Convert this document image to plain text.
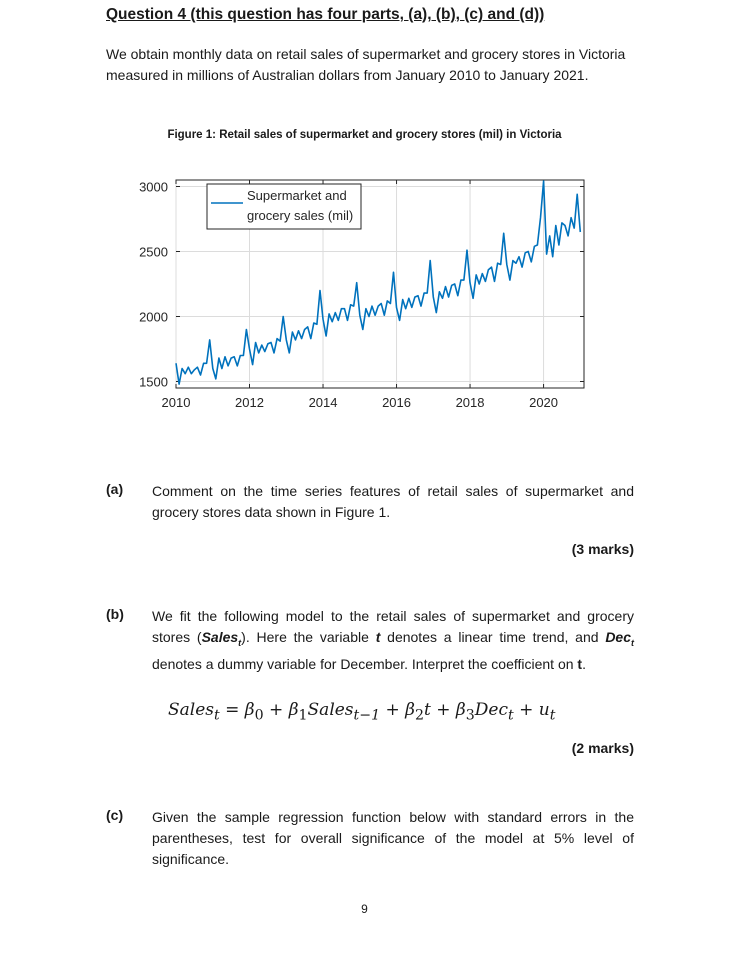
Question 4 (this question has four parts, (a), (b), (c) and (d))
We obtain monthly data on retail sales of supermarket and grocery stores in Victoria measured in millions of Australian dollars from January 2010 to January 2021.
Figure 1: Retail sales of supermarket and grocery stores (mil) in Victoria
2010	2012	2014	2016	2018	2020
1500
2000
2500
3000
Supermarket and
grocery sales (mil)
(a) Comment on the time series features of retail sales of supermarket and grocery stores data shown in Figure 1.
(3 marks)
(b) We fit the following model to the retail sales of supermarket and grocery stores (Sales$_t$). Here the variable t denotes a linear time trend, and Dec$_t$ denotes a dummy variable for December. Interpret the coefficient on t.
Sales$_t$ = $\beta_0$ + $\beta_1Sales_{t-1} + \beta_2t + \beta_3Dec_t + u_t$
(2 marks)
(c) Given the sample regression function below with standard errors in the parentheses, test for overall significance of the model at 5% level of significance.
9
